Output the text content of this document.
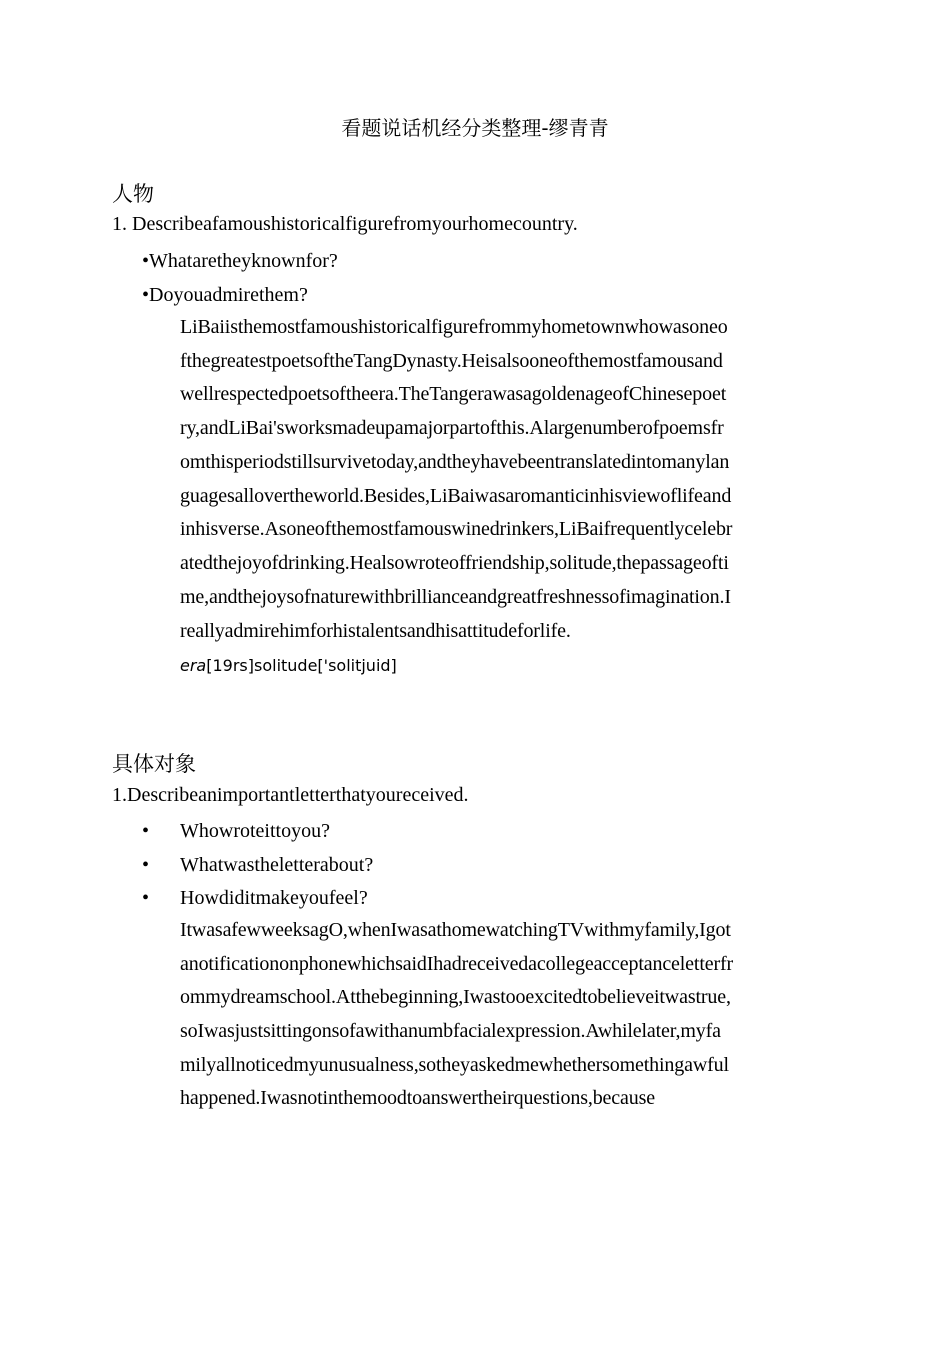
看题说话机经分类整理-缪青青
人物
1. Describeafamoushistoricalfigurefromyourhomecountry.
•Whataretheyknownfor?
•Doyouadmirethem?
LiBaiisthemostfamoushistoricalfigurefrommyhometownwhowasoneo
fthegreatestpoetsoftheTangDynasty.Heisalsooneofthemostfamousand
wellrespectedpoetsoftheera.TheTangerawasagoldenageofChinesepoet
ry,andLiBai'sworksmadeupamajorpartofthis.Alargenumberofpoemsfr
omthisperiodstillsurvivetoday,andtheyhavebeentranslatedintomanylan
guagesallovertheworld.Besides,LiBaiwasaromanticinhisviewoflifeand
inhisverse.Asoneofthemostfamouswinedrinkers,LiBaifrequentlycelebr
atedthejoyofdrinking.Healsowroteoffriendship,solitude,thepassageofti
me,andthejoysofnaturewithbrillianceandgreatfreshnessofimagination.I
reallyadmirehimforhistalentsandhisattitudeforlife.
era[19rs]solitude['solitjuid]
具体对象
1.Describeanimportantletterthatyoureceived.
• Whowroteittoyou?
• Whatwastheletterabout?
• Howdiditmakeyoufeel?
ItwasafewweeksagO,whenIwasathomewatchingTVwithmyfamily,Igot
anotificationonphonewhichsaidIhadreceivedacollegeacceptanceletterfr
ommydreamschool.Atthebeginning,Iwastooexcitedtobelieveitwastrue,
soIwasjustsittingonsofawithanumbfacialexpression.Awhilelater,myfa
milyallnoticedmyunusualness,sotheyaskedmewhethersomethingawful
happened.Iwasnotinthemoodtoanswertheirquestions,because
